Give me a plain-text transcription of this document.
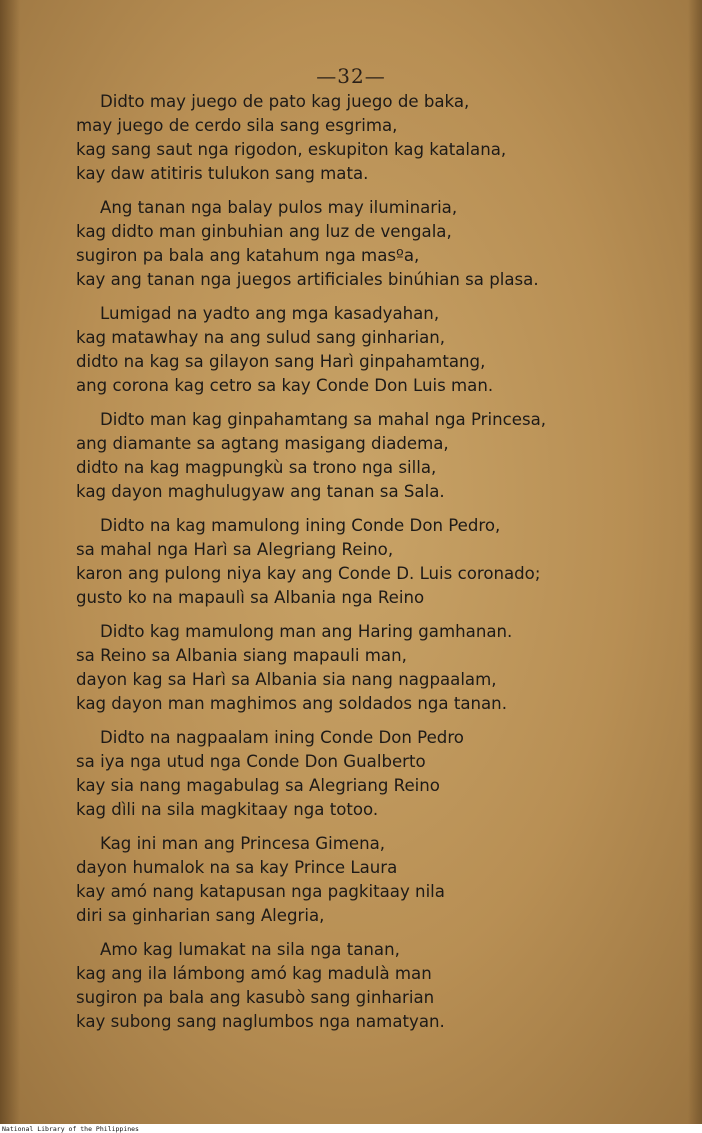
—32—
Didto may juego de pato kag juego de baka,
may juego de cerdo sila sang esgrima,
kag sang saut nga rigodon, eskupiton kag katalana,
kay daw atitiris tulukon sang mata.
Ang tanan nga balay pulos may iluminaria,
kag didto man ginbuhian ang luz de vengala,
sugiron pa bala ang katahum nga masºa,
kay ang tanan nga juegos artificiales binúhian sa plasa.
Lumigad na yadto ang mga kasadyahan,
kag matawhay na ang sulud sang ginharian,
didto na kag sa gilayon sang Harì ginpahamtang,
ang corona kag cetro sa kay Conde Don Luis man.
Didto man kag ginpahamtang sa mahal nga Princesa,
ang diamante sa agtang masigang diadema,
didto na kag magpungkù sa trono nga silla,
kag dayon maghulugyaw ang tanan sa Sala.
Didto na kag mamulong ining Conde Don Pedro,
sa mahal nga Harì sa Alegriang Reino,
karon ang pulong niya kay ang Conde D. Luis coronado;
gusto ko na mapaulì sa Albania nga Reino
Didto kag mamulong man ang Haring gamhanan.
sa Reino sa Albania siang mapauli man,
dayon kag sa Harì sa Albania sia nang nagpaalam,
kag dayon man maghimos ang soldados nga tanan.
Didto na nagpaalam ining Conde Don Pedro
sa iya nga utud nga Conde Don Gualberto
kay sia nang magabulag sa Alegriang Reino
kag dìli na sila magkitaay nga totoo.
Kag ini man ang Princesa Gimena,
dayon humalok na sa kay Prince Laura
kay amó nang katapusan nga pagkitaay nila
diri sa ginharian sang Alegria,
Amo kag lumakat na sila nga tanan,
kag ang ila lámbong amó kag madulà man
sugiron pa bala ang kasubò sang ginharian
kay subong sang naglumbos nga namatyan.
National Library of the Philippines
